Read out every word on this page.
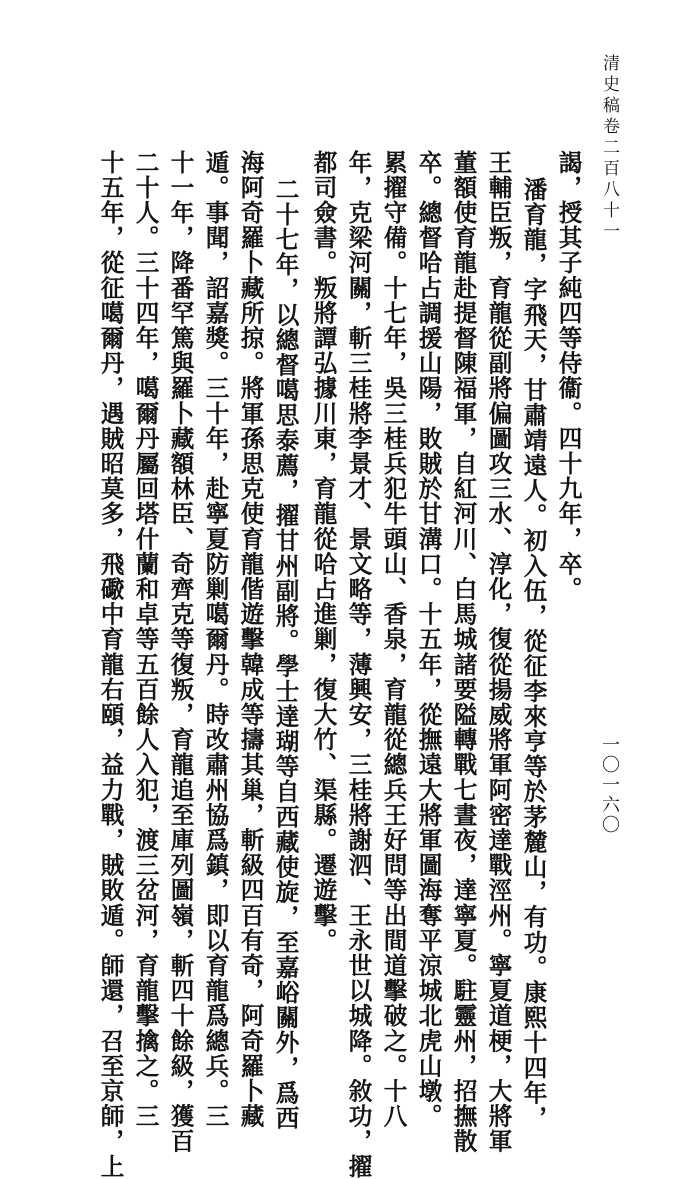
清史稿卷二百八十一
一〇一六〇
謁，授其子純四等侍衞。四十九年，卒。
潘育龍，字飛天，甘肅靖遠人。初入伍，從征李來亨等於茅麓山，有功。康熙十四年，
王輔臣叛，育龍從副將偏圖攻三水、淳化，復從揚威將軍阿密達戰涇州。寧夏道梗，大將軍
董額使育龍赴提督陳福軍，自紅河川、白馬城諸要隘轉戰七晝夜，達寧夏。駐靈州，招撫散
卒。總督哈占調援山陽，敗賊於甘溝口。十五年，從撫遠大將軍圖海奪平涼城北虎山墩。
累擢守備。十七年，吳三桂兵犯牛頭山、香泉，育龍從總兵王好問等出間道擊破之。十八
年，克梁河關，斬三桂將李景才、景文略等，薄興安，三桂將謝泗、王永世以城降。敘功，擢
都司僉書。叛將譚弘據川東，育龍從哈占進剿，復大竹、渠縣。遷遊擊。
二十七年，以總督噶思泰薦，擢甘州副將。學士達瑚等自西藏使旋，至嘉峪關外，爲西
海阿奇羅卜藏所掠。將軍孫思克使育龍偕遊擊韓成等擣其巢，斬級四百有奇，阿奇羅卜藏
遁。事聞，詔嘉獎。三十年，赴寧夏防剿噶爾丹。時改肅州協爲鎮，即以育龍爲總兵。三
十一年，降番罕篤與羅卜藏額林臣、奇齊克等復叛，育龍追至庫列圖嶺，斬四十餘級，獲百
二十人。三十四年，噶爾丹屬回塔什蘭和卓等五百餘人入犯，渡三岔河，育龍擊擒之。三
十五年，從征噶爾丹，遇賊昭莫多，飛礮中育龍右頤，益力戰，賊敗遁。師還，召至京師，上
